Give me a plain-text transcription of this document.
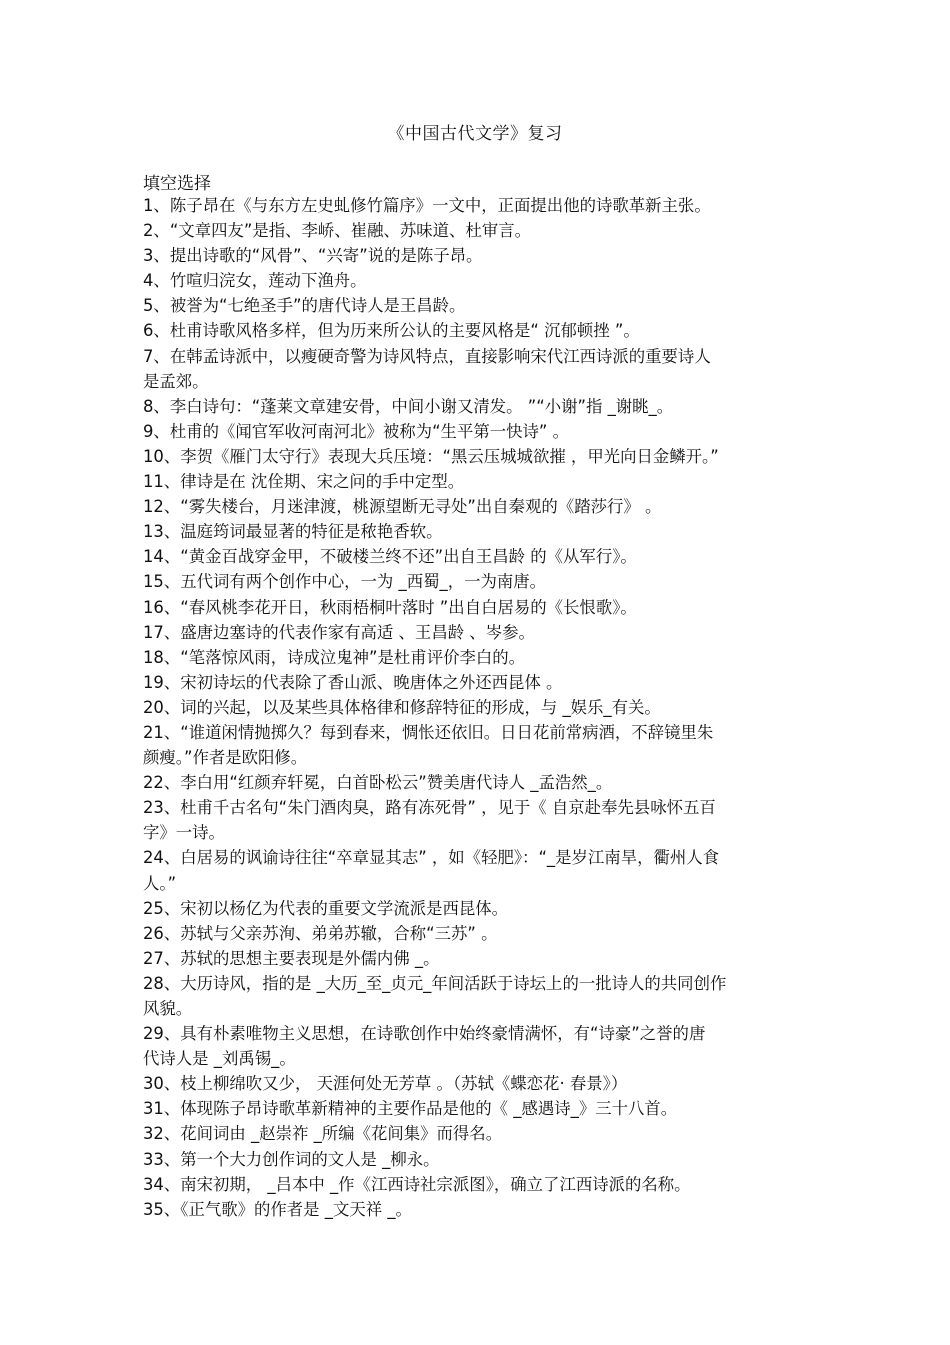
《中国古代文学》复习
填空选择
1、陈子昂在《与东方左史虬修竹篇序》一文中，正面提出他的诗歌革新主张。
2、“文章四友”是指、李峤、崔融、苏味道、杜审言。
3、提出诗歌的“风骨”、“兴寄”说的是陈子昂。
4、竹喧归浣女，莲动下渔舟。
5、被誉为“七绝圣手”的唐代诗人是王昌龄。
6、杜甫诗歌风格多样，但为历来所公认的主要风格是“ 沉郁顿挫 ”。
7、在韩孟诗派中，以瘦硬奇警为诗风特点，直接影响宋代江西诗派的重要诗人
是孟郊。
8、李白诗句：“蓬莱文章建安骨，中间小谢又清发。 ”“小谢”指 _谢眺_。
9、杜甫的《闻官军收河南河北》被称为“生平第一快诗” 。
10、李贺《雁门太守行》表现大兵压境：“黑云压城城欲摧 ，甲光向日金鳞开。”
11、律诗是在 沈佺期、宋之问的手中定型。
12、“雾失楼台，月迷津渡，桃源望断无寻处”出自秦观的《踏莎行》 。
13、温庭筠词最显著的特征是秾艳香软。
14、“黄金百战穿金甲，不破楼兰终不还”出自王昌龄 的《从军行》。
15、五代词有两个创作中心，一为 _西蜀_，一为南唐。
16、“春风桃李花开日，秋雨梧桐叶落时 ”出自白居易的《长恨歌》。
17、盛唐边塞诗的代表作家有高适 、王昌龄 、岑参。
18、“笔落惊风雨，诗成泣鬼神”是杜甫评价李白的。
19、宋初诗坛的代表除了香山派、晚唐体之外还西昆体 。
20、词的兴起，以及某些具体格律和修辞特征的形成，与 _娱乐_有关。
21、“谁道闲情抛掷久？每到春来，惆怅还依旧。日日花前常病酒，不辞镜里朱
颜瘦。”作者是欧阳修。
22、李白用“红颜弃轩冕，白首卧松云”赞美唐代诗人 _孟浩然_。
23、杜甫千古名句“朱门酒肉臭，路有冻死骨” ，见于《 自京赴奉先县咏怀五百
字》一诗。
24、白居易的讽谕诗往往“卒章显其志” ，如《轻肥》：“_是岁江南旱，衢州人食
人。”
25、宋初以杨亿为代表的重要文学流派是西昆体。
26、苏轼与父亲苏洵、弟弟苏辙，合称“三苏” 。
27、苏轼的思想主要表现是外儒内佛 _。
28、大历诗风，指的是 _大历_至_贞元_年间活跃于诗坛上的一批诗人的共同创作
风貌。
29、具有朴素唯物主义思想，在诗歌创作中始终豪情满怀，有“诗豪”之誉的唐
代诗人是 _刘禹锡_。
30、枝上柳绵吹又少， 天涯何处无芳草 。（苏轼《蝶恋花· 春景》）
31、体现陈子昂诗歌革新精神的主要作品是他的《 _感遇诗_》三十八首。
32、花间词由 _赵崇祚 _所编《花间集》而得名。
33、第一个大力创作词的文人是 _柳永。
34、南宋初期， _吕本中 _作《江西诗社宗派图》，确立了江西诗派的名称。
35、《正气歌》的作者是 _文天祥 _。
